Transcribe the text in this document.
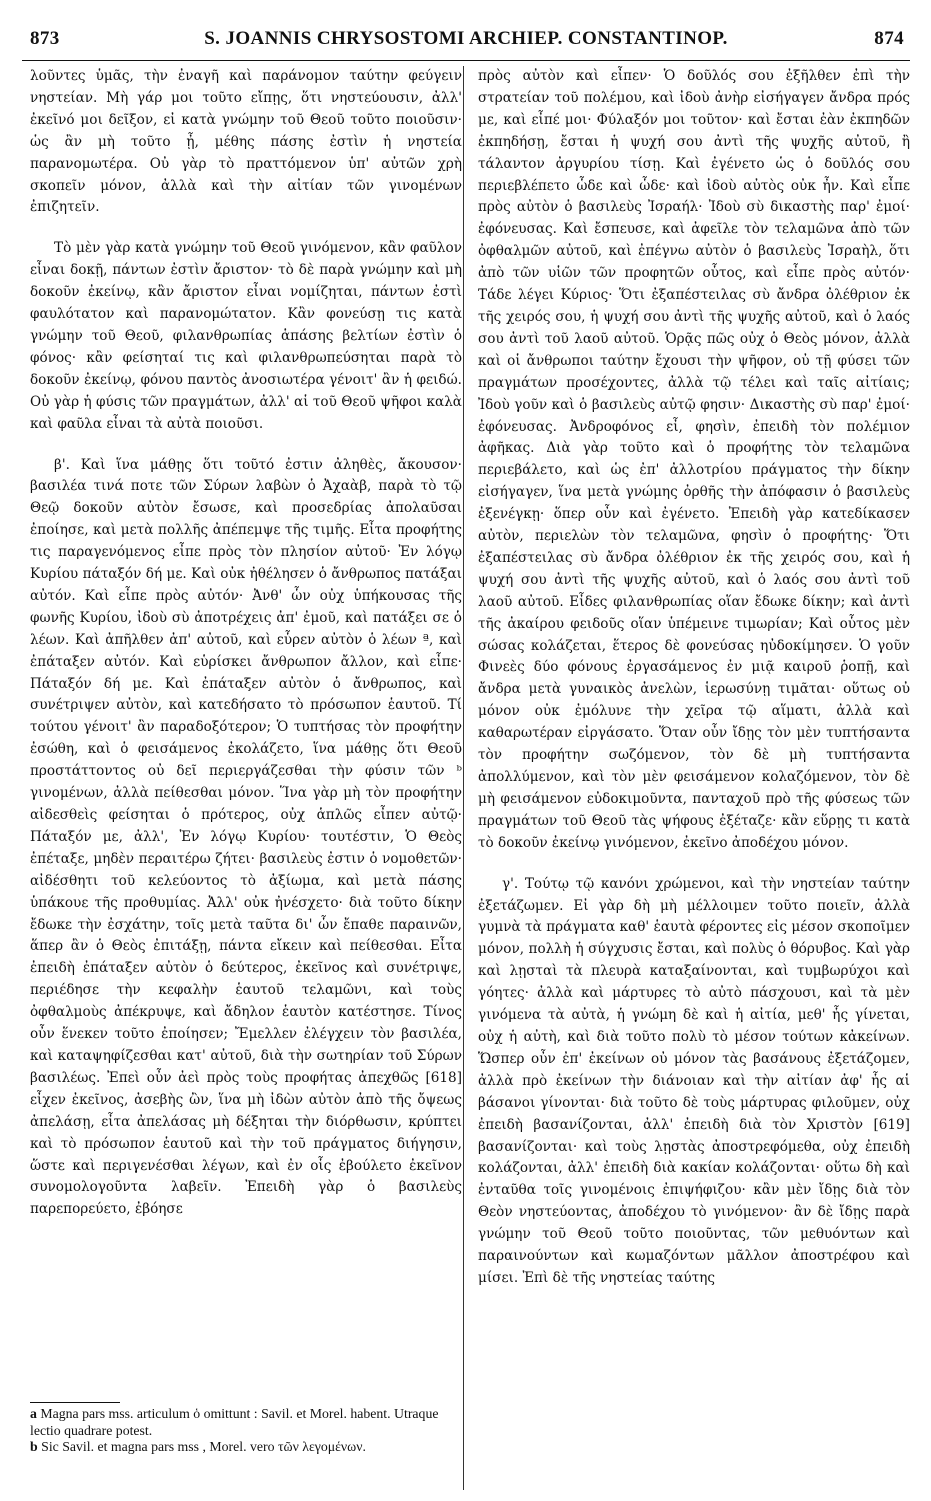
873	S. JOANNIS CHRYSOSTOMI ARCHIEP. CONSTANTINOP.	874

λοῦντες ὑμᾶς, τὴν ἐναγῆ καὶ παράνομον ταύτην φεύγειν νηστείαν. Μὴ γάρ μοι τοῦτο εἴπῃς, ὅτι νηστεύουσιν, ἀλλ' ἐκεῖνό μοι δεῖξον, εἰ κατὰ γνώμην τοῦ Θεοῦ τοῦτο ποιοῦσιν· ὡς ἂν μὴ τοῦτο ᾖ, μέθης πάσης ἐστὶν ἡ νηστεία παρανομωτέρα. Οὐ γὰρ τὸ πραττόμενον ὑπ' αὐτῶν χρὴ σκοπεῖν μόνον, ἀλλὰ καὶ τὴν αἰτίαν τῶν γινομένων ἐπιζητεῖν.

Τὸ μὲν γὰρ κατὰ γνώμην τοῦ Θεοῦ γινόμενον, κἂν φαῦλον εἶναι δοκῇ, πάντων ἐστὶν ἄριστον· τὸ δὲ παρὰ γνώμην καὶ μὴ δοκοῦν ἐκείνῳ, κἂν ἄριστον εἶναι νομίζηται, πάντων ἐστὶ φαυλότατον καὶ παρανομώτατον. Κἂν φονεύσῃ τις κατὰ γνώμην τοῦ Θεοῦ, φιλανθρωπίας ἁπάσης βελτίων ἐστὶν ὁ φόνος· κἂν φείσηταί τις καὶ φιλανθρωπεύσηται παρὰ τὸ δοκοῦν ἐκείνῳ, φόνου παντὸς ἀνοσιωτέρα γένοιτ' ἂν ἡ φειδώ. Οὐ γὰρ ἡ φύσις τῶν πραγμάτων, ἀλλ' αἱ τοῦ Θεοῦ ψῆφοι καλὰ καὶ φαῦλα εἶναι τὰ αὐτὰ ποιοῦσι.

β'. Καὶ ἵνα μάθῃς ὅτι τοῦτό ἐστιν ἀληθὲς, ἄκουσον· βασιλέα τινά ποτε τῶν Σύρων λαβὼν ὁ Ἀχαὰβ, παρὰ τὸ τῷ Θεῷ δοκοῦν αὐτὸν ἔσωσε, καὶ προσεδρίας ἀπολαῦσαι ἐποίησε, καὶ μετὰ πολλῆς ἀπέπεμψε τῆς τιμῆς. Εἶτα προφήτης τις παραγενόμενος εἶπε πρὸς τὸν πλησίον αὐτοῦ· Ἐν λόγῳ Κυρίου πάταξόν δή με. Καὶ οὐκ ἠθέλησεν ὁ ἄνθρωπος πατάξαι αὐτόν. Καὶ εἶπε πρὸς αὐτόν· Ἀνθ' ὧν οὐχ ὑπήκουσας τῆς φωνῆς Κυρίου, ἰδοὺ σὺ ἀποτρέχεις ἀπ' ἐμοῦ, καὶ πατάξει σε ὁ λέων. Καὶ ἀπῆλθεν ἀπ' αὐτοῦ, καὶ εὗρεν αὐτὸν ὁ λέων ª, καὶ ἐπάταξεν αὐτόν. Καὶ εὑρίσκει ἄνθρωπον ἄλλον, καὶ εἶπε· Πάταξόν δή με. Καὶ ἐπάταξεν αὐτὸν ὁ ἄνθρωπος, καὶ συνέτριψεν αὐτὸν, καὶ κατεδήσατο τὸ πρόσωπον ἑαυτοῦ. Τί τούτου γένοιτ' ἂν παραδοξότερον; Ὁ τυπτήσας τὸν προφήτην ἐσώθη, καὶ ὁ φεισάμενος ἐκολάζετο, ἵνα μάθῃς ὅτι Θεοῦ προστάττοντος οὐ δεῖ περιεργάζεσθαι τὴν φύσιν τῶν ᵇ γινομένων, ἀλλὰ πείθεσθαι μόνον. Ἵνα γὰρ μὴ τὸν προφήτην αἰδεσθεὶς φείσηται ὁ πρότερος, οὐχ ἁπλῶς εἶπεν αὐτῷ· Πάταξόν με, ἀλλ', Ἐν λόγῳ Κυρίου· τουτέστιν, Ὁ Θεὸς ἐπέταξε, μηδὲν περαιτέρω ζήτει· βασιλεὺς ἐστιν ὁ νομοθετῶν· αἰδέσθητι τοῦ κελεύοντος τὸ ἀξίωμα, καὶ μετὰ πάσης ὑπάκουε τῆς προθυμίας. Ἀλλ' οὐκ ἠνέσχετο· διὰ τοῦτο δίκην ἔδωκε τὴν ἐσχάτην, τοῖς μετὰ ταῦτα δι' ὧν ἔπαθε παραινῶν, ἅπερ ἂν ὁ Θεὸς ἐπιτάξῃ, πάντα εἴκειν καὶ πείθεσθαι. Εἶτα ἐπειδὴ ἐπάταξεν αὐτὸν ὁ δεύτερος, ἐκεῖνος καὶ συνέτριψε, περιέδησε τὴν κεφαλὴν ἑαυτοῦ τελαμῶνι, καὶ τοὺς ὀφθαλμοὺς ἀπέκρυψε, καὶ ἄδηλον ἑαυτὸν κατέστησε. Τίνος οὖν ἕνεκεν τοῦτο ἐποίησεν; Ἔμελλεν ἐλέγχειν τὸν βασιλέα, καὶ καταψηφίζεσθαι κατ' αὐτοῦ, διὰ τὴν σωτηρίαν τοῦ Σύρων βασιλέως. Ἐπεὶ οὖν ἀεὶ πρὸς τοὺς προφήτας ἀπεχθῶς [618] εἶχεν ἐκεῖνος, ἀσεβὴς ὢν, ἵνα μὴ ἰδὼν αὐτὸν ἀπὸ τῆς ὄψεως ἀπελάσῃ, εἶτα ἀπελάσας μὴ δέξηται τὴν διόρθωσιν, κρύπτει καὶ τὸ πρόσωπον ἑαυτοῦ καὶ τὴν τοῦ πράγματος διήγησιν, ὥστε καὶ περιγενέσθαι λέγων, καὶ ἐν οἷς ἐβούλετο ἐκεῖνον συνομολογοῦντα λαβεῖν. Ἐπειδὴ γὰρ ὁ βασιλεὺς παρεπορεύετο, ἐβόησε

πρὸς αὐτὸν καὶ εἶπεν· Ὁ δοῦλός σου ἐξῆλθεν ἐπὶ τὴν στρατείαν τοῦ πολέμου, καὶ ἰδοὺ ἀνὴρ εἰσήγαγεν ἄνδρα πρός με, καὶ εἶπέ μοι· Φύλαξόν μοι τοῦτον· καὶ ἔσται ἐὰν ἐκπηδῶν ἐκπηδήσῃ, ἔσται ἡ ψυχή σου ἀντὶ τῆς ψυχῆς αὐτοῦ, ἢ τάλαντον ἀργυρίου τίσῃ. Καὶ ἐγένετο ὡς ὁ δοῦλός σου περιεβλέπετο ὧδε καὶ ὧδε· καὶ ἰδοὺ αὐτὸς οὐκ ἦν. Καὶ εἶπε πρὸς αὐτὸν ὁ βασιλεὺς Ἰσραήλ· Ἰδοὺ σὺ δικαστὴς παρ' ἐμοί· ἐφόνευσας. Καὶ ἔσπευσε, καὶ ἀφεῖλε τὸν τελαμῶνα ἀπὸ τῶν ὀφθαλμῶν αὐτοῦ, καὶ ἐπέγνω αὐτὸν ὁ βασιλεὺς Ἰσραὴλ, ὅτι ἀπὸ τῶν υἱῶν τῶν προφητῶν οὗτος, καὶ εἶπε πρὸς αὐτόν· Τάδε λέγει Κύριος· Ὅτι ἐξαπέστειλας σὺ ἄνδρα ὀλέθριον ἐκ τῆς χειρός σου, ἡ ψυχή σου ἀντὶ τῆς ψυχῆς αὐτοῦ, καὶ ὁ λαός σου ἀντὶ τοῦ λαοῦ αὐτοῦ. Ὁρᾷς πῶς οὐχ ὁ Θεὸς μόνον, ἀλλὰ καὶ οἱ ἄνθρωποι ταύτην ἔχουσι τὴν ψῆφον, οὐ τῇ φύσει τῶν πραγμάτων προσέχοντες, ἀλλὰ τῷ τέλει καὶ ταῖς αἰτίαις; Ἰδοὺ γοῦν καὶ ὁ βασιλεὺς αὐτῷ φησιν· Δικαστὴς σὺ παρ' ἐμοί· ἐφόνευσας. Ἀνδροφόνος εἶ, φησὶν, ἐπειδὴ τὸν πολέμιον ἀφῆκας. Διὰ γὰρ τοῦτο καὶ ὁ προφήτης τὸν τελαμῶνα περιεβάλετο, καὶ ὡς ἐπ' ἀλλοτρίου πράγματος τὴν δίκην εἰσήγαγεν, ἵνα μετὰ γνώμης ὀρθῆς τὴν ἀπόφασιν ὁ βασιλεὺς ἐξενέγκῃ· ὅπερ οὖν καὶ ἐγένετο. Ἐπειδὴ γὰρ κατεδίκασεν αὐτὸν, περιελὼν τὸν τελαμῶνα, φησὶν ὁ προφήτης· Ὅτι ἐξαπέστειλας σὺ ἄνδρα ὀλέθριον ἐκ τῆς χειρός σου, καὶ ἡ ψυχή σου ἀντὶ τῆς ψυχῆς αὐτοῦ, καὶ ὁ λαός σου ἀντὶ τοῦ λαοῦ αὐτοῦ. Εἶδες φιλανθρωπίας οἵαν ἔδωκε δίκην; καὶ ἀντὶ τῆς ἀκαίρου φειδοῦς οἵαν ὑπέμεινε τιμωρίαν; Καὶ οὗτος μὲν σώσας κολάζεται, ἕτερος δὲ φονεύσας ηὐδοκίμησεν. Ὁ γοῦν Φινεὲς δύο φόνους ἐργασάμενος ἐν μιᾷ καιροῦ ῥοπῇ, καὶ ἄνδρα μετὰ γυναικὸς ἀνελὼν, ἱερωσύνῃ τιμᾶται· οὕτως οὐ μόνον οὐκ ἐμόλυνε τὴν χεῖρα τῷ αἵματι, ἀλλὰ καὶ καθαρωτέραν εἰργάσατο. Ὅταν οὖν ἴδῃς τὸν μὲν τυπτήσαντα τὸν προφήτην σωζόμενον, τὸν δὲ μὴ τυπτήσαντα ἀπολλύμενον, καὶ τὸν μὲν φεισάμενον κολαζόμενον, τὸν δὲ μὴ φεισάμενον εὐδοκιμοῦντα, πανταχοῦ πρὸ τῆς φύσεως τῶν πραγμάτων τοῦ Θεοῦ τὰς ψήφους ἐξέταζε· κἂν εὕρῃς τι κατὰ τὸ δοκοῦν ἐκείνῳ γινόμενον, ἐκεῖνο ἀποδέχου μόνον.

γ'. Τούτῳ τῷ κανόνι χρώμενοι, καὶ τὴν νηστείαν ταύτην ἐξετάζωμεν. Εἰ γὰρ δὴ μὴ μέλλοιμεν τοῦτο ποιεῖν, ἀλλὰ γυμνὰ τὰ πράγματα καθ' ἑαυτὰ φέροντες εἰς μέσον σκοποῖμεν μόνον, πολλὴ ἡ σύγχυσις ἔσται, καὶ πολὺς ὁ θόρυβος. Καὶ γὰρ καὶ λῃσταὶ τὰ πλευρὰ καταξαίνονται, καὶ τυμβωρύχοι καὶ γόητες· ἀλλὰ καὶ μάρτυρες τὸ αὐτὸ πάσχουσι, καὶ τὰ μὲν γινόμενα τὰ αὐτὰ, ἡ γνώμη δὲ καὶ ἡ αἰτία, μεθ' ἧς γίνεται, οὐχ ἡ αὐτὴ, καὶ διὰ τοῦτο πολὺ τὸ μέσον τούτων κἀκείνων. Ὥσπερ οὖν ἐπ' ἐκείνων οὐ μόνον τὰς βασάνους ἐξετάζομεν, ἀλλὰ πρὸ ἐκείνων τὴν διάνοιαν καὶ τὴν αἰτίαν ἀφ' ἧς αἱ βάσανοι γίνονται· διὰ τοῦτο δὲ τοὺς μάρτυρας φιλοῦμεν, οὐχ ἐπειδὴ βασανίζονται, ἀλλ' ἐπειδὴ διὰ τὸν Χριστὸν [619] βασανίζονται· καὶ τοὺς λῃστὰς ἀποστρεφόμεθα, οὐχ ἐπειδὴ κολάζονται, ἀλλ' ἐπειδὴ διὰ κακίαν κολάζονται· οὕτω δὴ καὶ ἐνταῦθα τοῖς γινομένοις ἐπιψήφιζου· κἂν μὲν ἴδῃς διὰ τὸν Θεὸν νηστεύοντας, ἀποδέχου τὸ γινόμενον· ἂν δὲ ἴδῃς παρὰ γνώμην τοῦ Θεοῦ τοῦτο ποιοῦντας, τῶν μεθυόντων καὶ παραινούντων καὶ κωμαζόντων μᾶλλον ἀποστρέφου καὶ μίσει. Ἐπὶ δὲ τῆς νηστείας ταύτης

a Magna pars mss. articulum ὁ omittunt : Savil. et Morel. habent. Utraque lectio quadrare potest.
b Sic Savil. et magna pars mss , Morel. vero τῶν λεγομένων.
